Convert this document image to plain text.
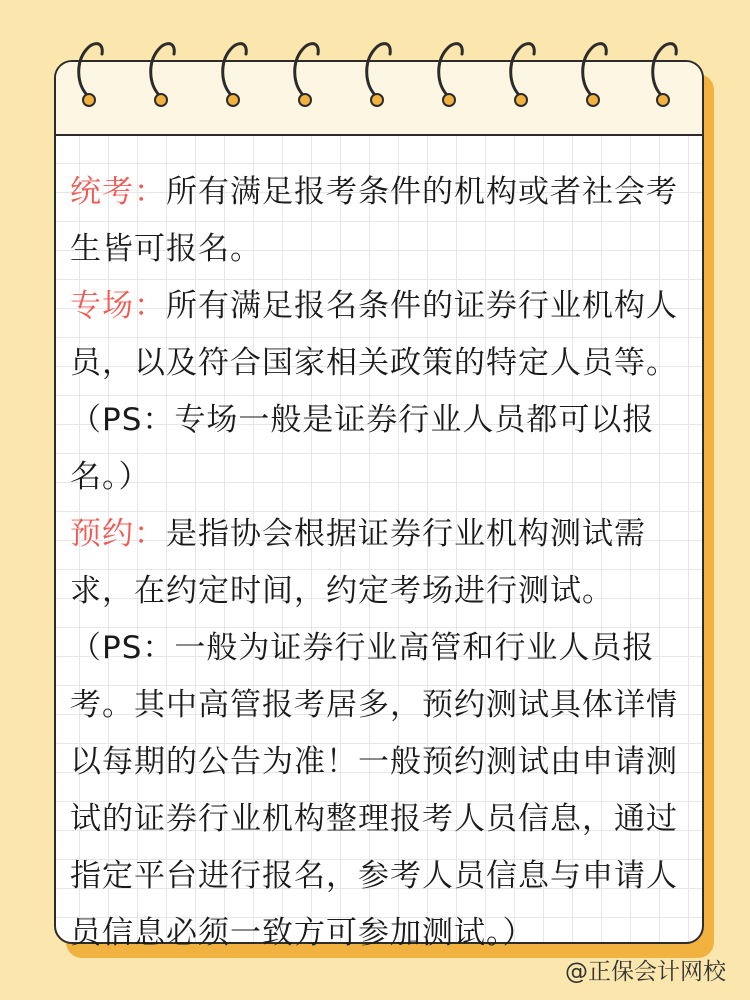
统考：所有满足报考条件的机构或者社会考生皆可报名。

专场：所有满足报名条件的证券行业机构人员，以及符合国家相关政策的特定人员等。（PS：专场一般是证券行业人员都可以报名。）

预约：是指协会根据证券行业机构测试需求，在约定时间，约定考场进行测试。（PS：一般为证券行业高管和行业人员报考。其中高管报考居多，预约测试具体详情以每期的公告为准！一般预约测试由申请测试的证券行业机构整理报考人员信息，通过指定平台进行报名，参考人员信息与申请人员信息必须一致方可参加测试。）

@正保会计网校
